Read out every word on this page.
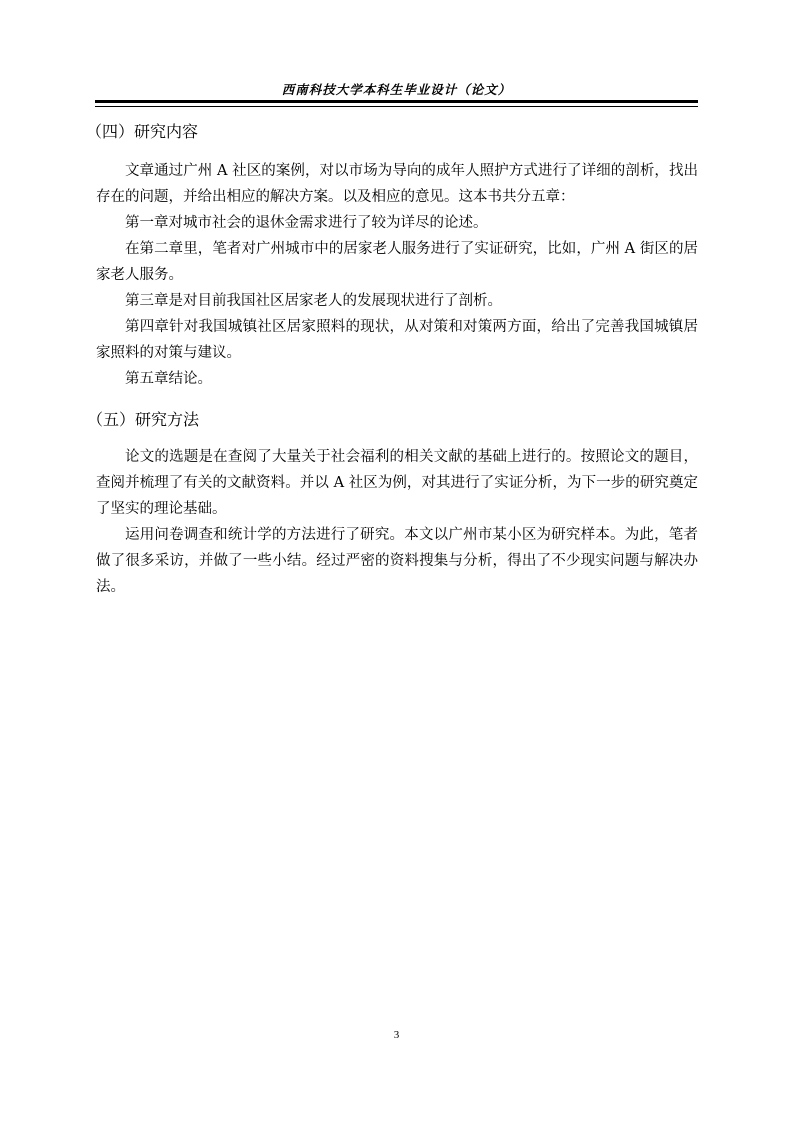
西南科技大学本科生毕业设计（论文）
（四）研究内容

文章通过广州 A 社区的案例，对以市场为导向的成年人照护方式进行了详细的剖析，找出存在的问题，并给出相应的解决方案。以及相应的意见。这本书共分五章：

第一章对城市社会的退休金需求进行了较为详尽的论述。

在第二章里，笔者对广州城市中的居家老人服务进行了实证研究，比如，广州 A 街区的居家老人服务。

第三章是对目前我国社区居家老人的发展现状进行了剖析。

第四章针对我国城镇社区居家照料的现状，从对策和对策两方面，给出了完善我国城镇居家照料的对策与建议。

第五章结论。

（五）研究方法

论文的选题是在查阅了大量关于社会福利的相关文献的基础上进行的。按照论文的题目，查阅并梳理了有关的文献资料。并以 A 社区为例，对其进行了实证分析，为下一步的研究奠定了坚实的理论基础。

运用问卷调查和统计学的方法进行了研究。本文以广州市某小区为研究样本。为此，笔者做了很多采访，并做了一些小结。经过严密的资料搜集与分析，得出了不少现实问题与解决办法。

3
